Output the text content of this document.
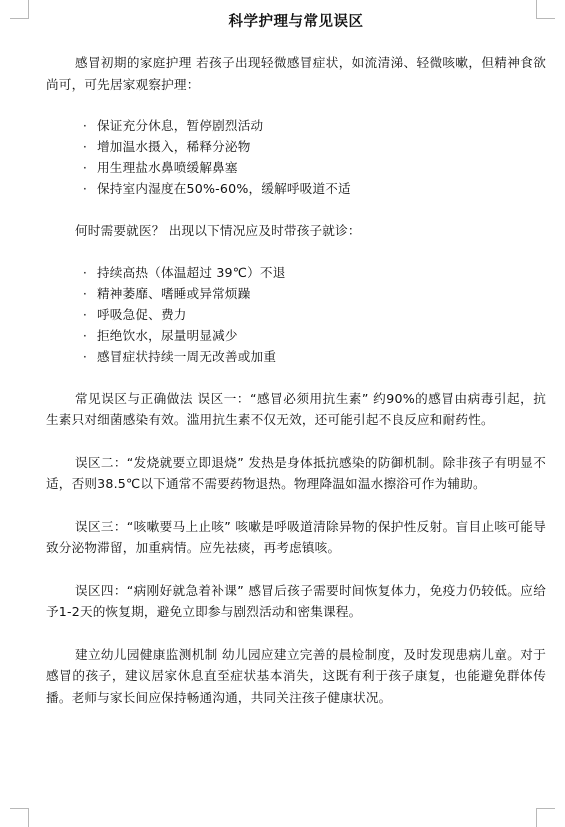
科学护理与常见误区

感冒初期的家庭护理 若孩子出现轻微感冒症状，如流清涕、轻微咳嗽，但精神食欲尚可，可先居家观察护理：

· 保证充分休息，暂停剧烈活动
· 增加温水摄入，稀释分泌物
· 用生理盐水鼻喷缓解鼻塞
· 保持室内湿度在50%-60%，缓解呼吸道不适

何时需要就医？ 出现以下情况应及时带孩子就诊：

· 持续高热（体温超过 39℃）不退
· 精神萎靡、嗜睡或异常烦躁
· 呼吸急促、费力
· 拒绝饮水，尿量明显减少
· 感冒症状持续一周无改善或加重

常见误区与正确做法 误区一：“感冒必须用抗生素” 约90%的感冒由病毒引起，抗生素只对细菌感染有效。滥用抗生素不仅无效，还可能引起不良反应和耐药性。

误区二：“发烧就要立即退烧” 发热是身体抵抗感染的防御机制。除非孩子有明显不适，否则38.5℃以下通常不需要药物退热。物理降温如温水擦浴可作为辅助。

误区三：“咳嗽要马上止咳” 咳嗽是呼吸道清除异物的保护性反射。盲目止咳可能导致分泌物滞留，加重病情。应先祛痰，再考虑镇咳。

误区四：“病刚好就急着补课” 感冒后孩子需要时间恢复体力，免疫力仍较低。应给予1-2天的恢复期，避免立即参与剧烈活动和密集课程。

建立幼儿园健康监测机制 幼儿园应建立完善的晨检制度，及时发现患病儿童。对于感冒的孩子，建议居家休息直至症状基本消失，这既有利于孩子康复，也能避免群体传播。老师与家长间应保持畅通沟通，共同关注孩子健康状况。
